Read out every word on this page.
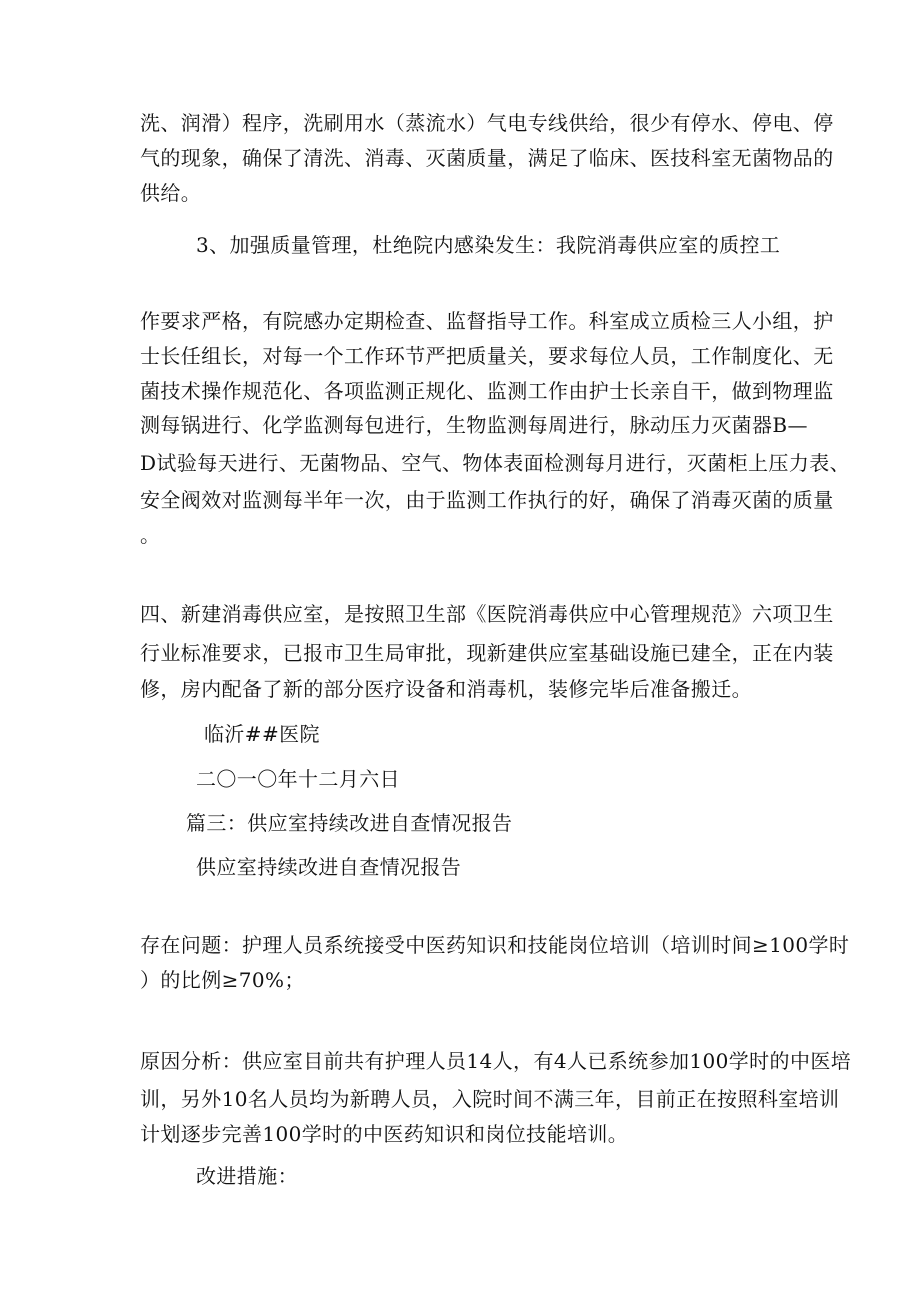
洗、润滑）程序，洗刷用水（蒸流水）气电专线供给，很少有停水、停电、停
气的现象，确保了清洗、消毒、灭菌质量，满足了临床、医技科室无菌物品的
供给。
3、加强质量管理，杜绝院内感染发生：我院消毒供应室的质控工
作要求严格，有院感办定期检查、监督指导工作。科室成立质检三人小组，护
士长任组长，对每一个工作环节严把质量关，要求每位人员，工作制度化、无
菌技术操作规范化、各项监测正规化、监测工作由护士长亲自干，做到物理监
测每锅进行、化学监测每包进行，生物监测每周进行，脉动压力灭菌器B—
D试验每天进行、无菌物品、空气、物体表面检测每月进行，灭菌柜上压力表、
安全阀效对监测每半年一次，由于监测工作执行的好，确保了消毒灭菌的质量
。
四、新建消毒供应室，是按照卫生部《医院消毒供应中心管理规范》六项卫生
行业标准要求，已报市卫生局审批，现新建供应室基础设施已建全，正在内装
修，房内配备了新的部分医疗设备和消毒机，装修完毕后准备搬迁。
临沂##医院
二〇一〇年十二月六日
篇三：供应室持续改进自查情况报告
供应室持续改进自查情况报告
存在问题：护理人员系统接受中医药知识和技能岗位培训（培训时间≥100学时
）的比例≥70%；
原因分析：供应室目前共有护理人员14人，有4人已系统参加100学时的中医培
训，另外10名人员均为新聘人员，入院时间不满三年，目前正在按照科室培训
计划逐步完善100学时的中医药知识和岗位技能培训。
改进措施：
